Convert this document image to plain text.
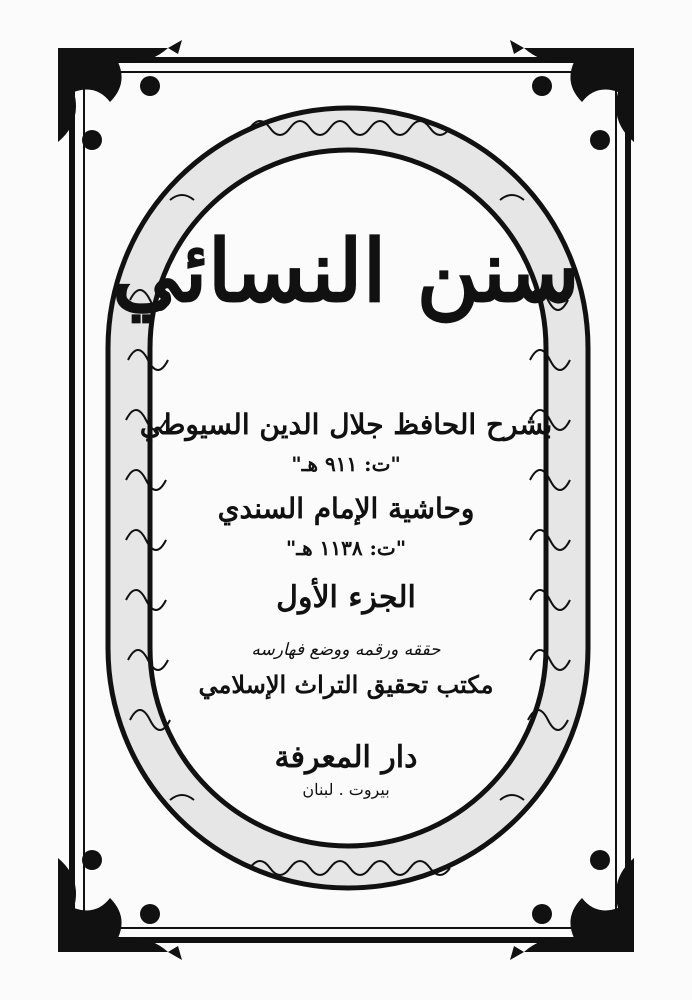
سنن النسائي
بشرح الحافظ جلال الدين السيوطي
"ت: ٩١١ هـ"
وحاشية الإمام السندي
"ت: ١١٣٨ هـ"
الجزء الأول
حققه ورقمه ووضع فهارسه
مكتب تحقيق التراث الإسلامي
دار المعرفة
بيروت . لبنان
